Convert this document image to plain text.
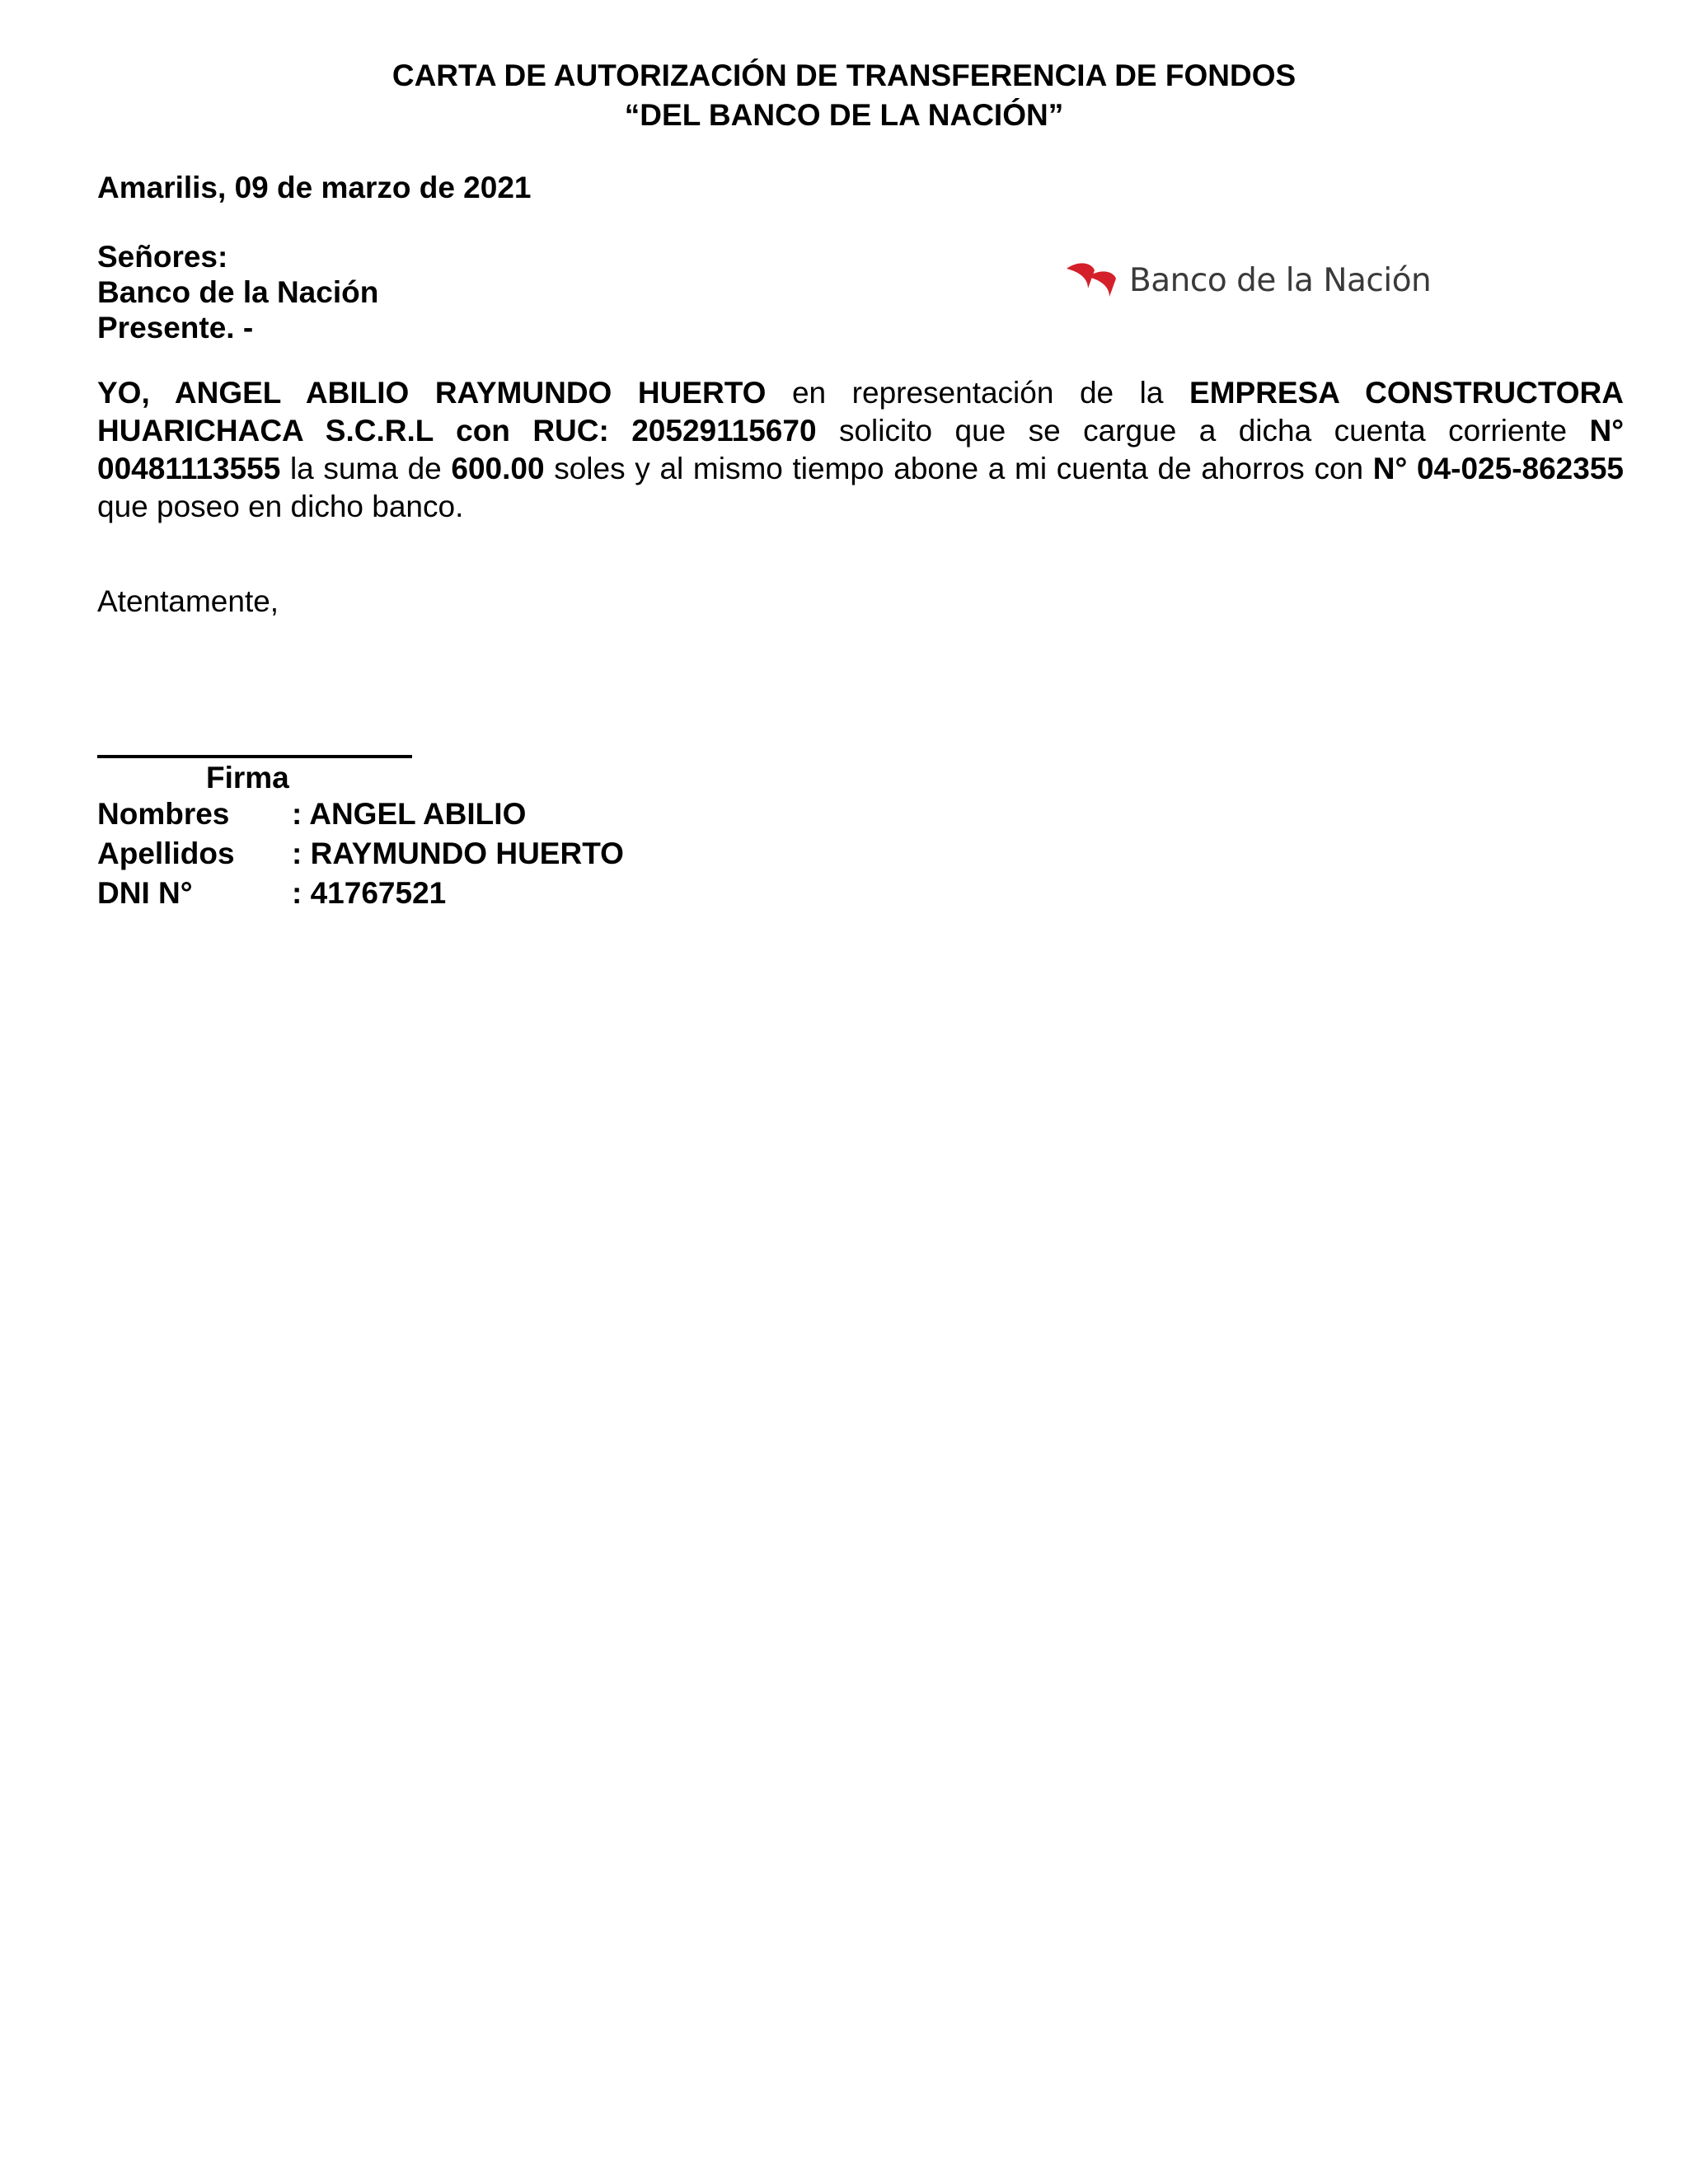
CARTA DE AUTORIZACIÓN DE TRANSFERENCIA DE FONDOS
“DEL BANCO DE LA NACIÓN”
Amarilis, 09 de marzo de 2021
Señores:
Banco de la Nación
Presente. -
Banco de la Nación
YO, ANGEL ABILIO RAYMUNDO HUERTO en representación de la EMPRESA CONSTRUCTORA HUARICHACA S.C.R.L con RUC: 20529115670 solicito que se cargue a dicha cuenta corriente N° 00481113555 la suma de 600.00 soles y al mismo tiempo abone a mi cuenta de ahorros con N° 04-025-862355 que poseo en dicho banco.
Atentamente,
Firma
Nombres : ANGEL ABILIO
Apellidos : RAYMUNDO HUERTO
DNI N°	: 41767521
